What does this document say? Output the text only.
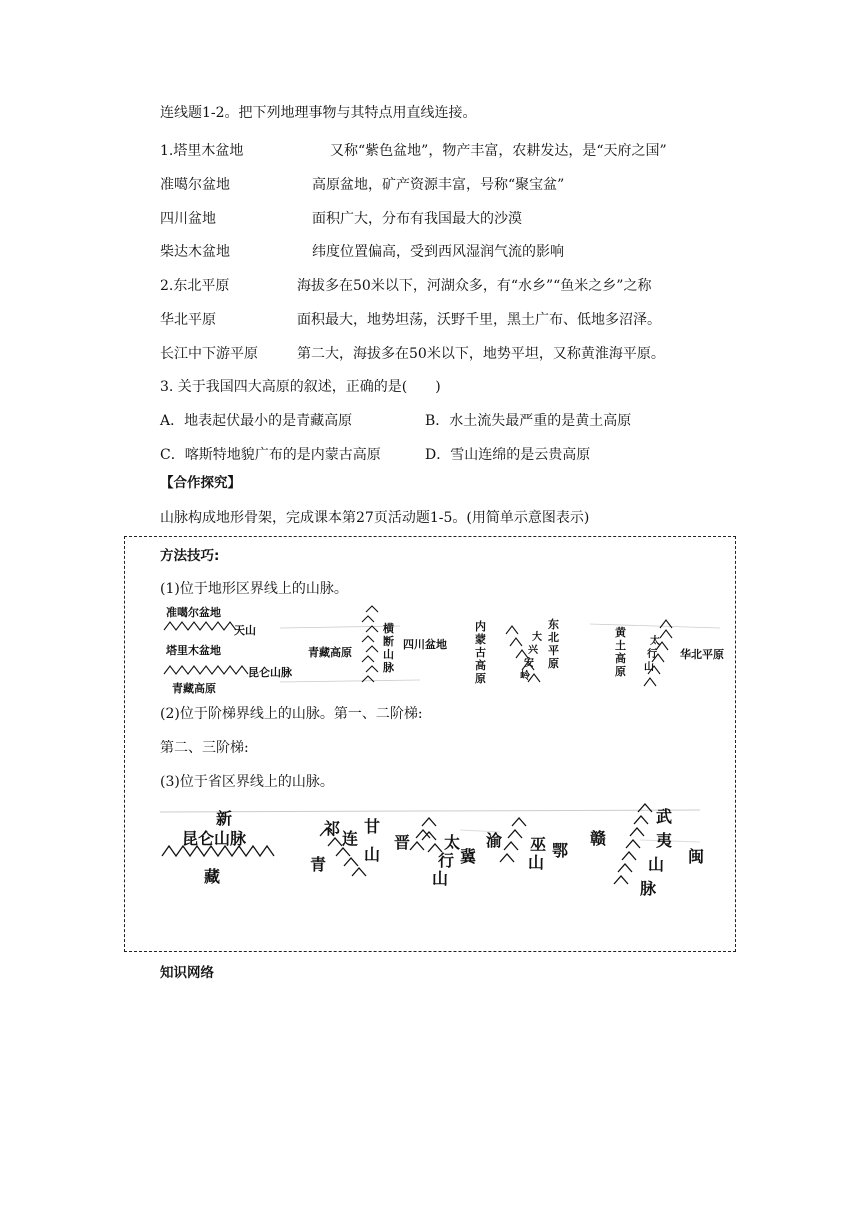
连线题1-2。把下列地理事物与其特点用直线连接。
1.塔里木盆地	又称“紫色盆地”，物产丰富，农耕发达，是“天府之国”
准噶尔盆地	高原盆地，矿产资源丰富，号称“聚宝盆”
四川盆地	面积广大，分布有我国最大的沙漠
柴达木盆地	纬度位置偏高，受到西风湿润气流的影响
2.东北平原	海拔多在50米以下，河湖众多，有“水乡”“鱼米之乡”之称
华北平原	面积最大，地势坦荡，沃野千里，黑土广布、低地多沼泽。
长江中下游平原	第二大，海拔多在50米以下，地势平坦，又称黄淮海平原。
3. 关于我国四大高原的叙述，正确的是(　　)
A．地表起伏最小的是青藏高原	B．水土流失最严重的是黄土高原
C．喀斯特地貌广布的是内蒙古高原	D．雪山连绵的是云贵高原
【合作探究】
山脉构成地形骨架，完成课本第27页活动题1-5。(用简单示意图表示)
方法技巧:
(1)位于地形区界线上的山脉。
准噶尔盆地
天山
塔里木盆地
昆仑山脉
青藏高原
青藏高原
横
断
山
脉
四川盆地
内
蒙
古
高
原
大
兴
安
岭
东
北
平
原
黄
土
高
原
太
行
山
华北平原
(2)位于阶梯界线上的山脉。第一、二阶梯:
第二、三阶梯:
(3)位于省区界线上的山脉。
新
昆仑山脉
藏
祁
连
甘
山
青
晋 太
行
山
冀
渝 巫
山
鄂
赣
武
夷
山
脉
闽
知识网络
